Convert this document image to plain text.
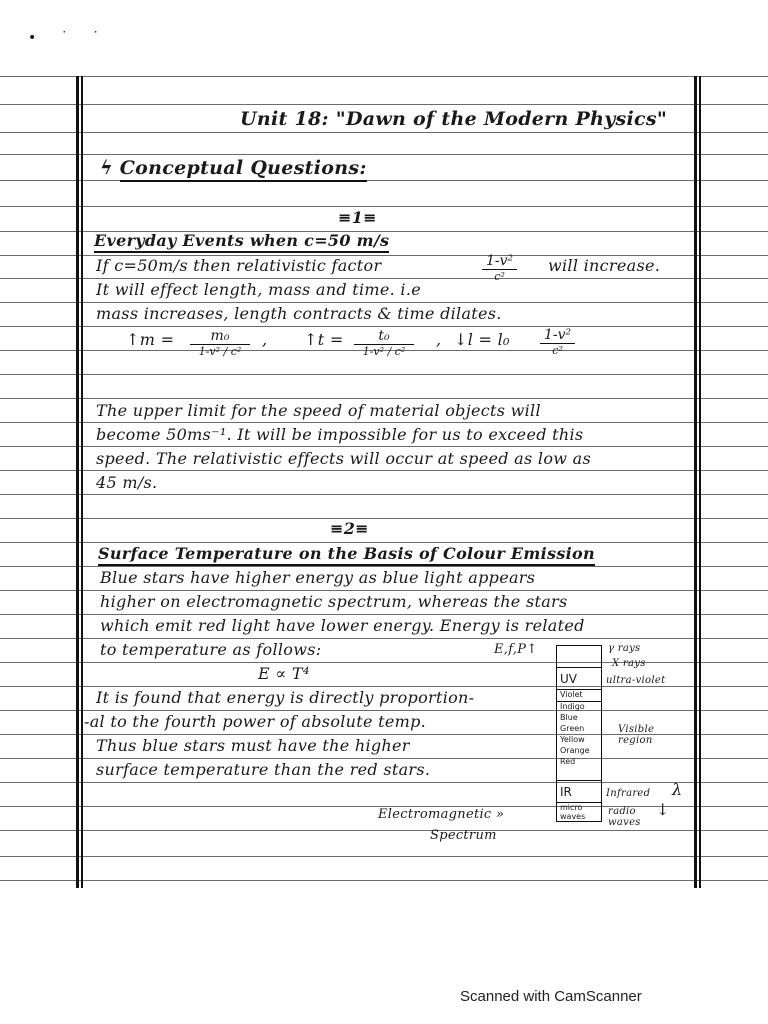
• ˙ ˙
Unit 18: "Dawn of the Modern Physics"
ϟ Conceptual Questions:
≡1≡
Everyday Events when c=50 m/s
If c=50m/s then relativistic factor	1-v²
c²
will increase.
It will effect length, mass and time. i.e
mass increases, length contracts & time dilates.
↑m =	m₀
1-v² / c²
, ↑t =	t₀
1-v² / c²
, ↓l = l₀ 1-v²
c²
The upper limit for the speed of material objects will
become 50ms⁻¹. It will be impossible for us to exceed this
speed. The relativistic effects will occur at speed as low as
45 m/s.
≡2≡
Surface Temperature on the Basis of Colour Emission
Blue stars have higher energy as blue light appears
higher on electromagnetic spectrum, whereas the stars
which emit red light have lower energy. Energy is related
to temperature as follows:
E ∝ T⁴
It is found that energy is directly proportion-
-al to the fourth power of absolute temp.
Thus blue stars must have the higher
surface temperature than the red stars.
E,f,P↑
UV
Violet
Indigo
Blue
Green
Yellow
Orange
Red
IR
micro waves
γ rays
X rays
ultra-violet
Visible region
Infrared
radio waves
λ
↓
Electromagnetic »
Spectrum
Scanned with CamScanner
